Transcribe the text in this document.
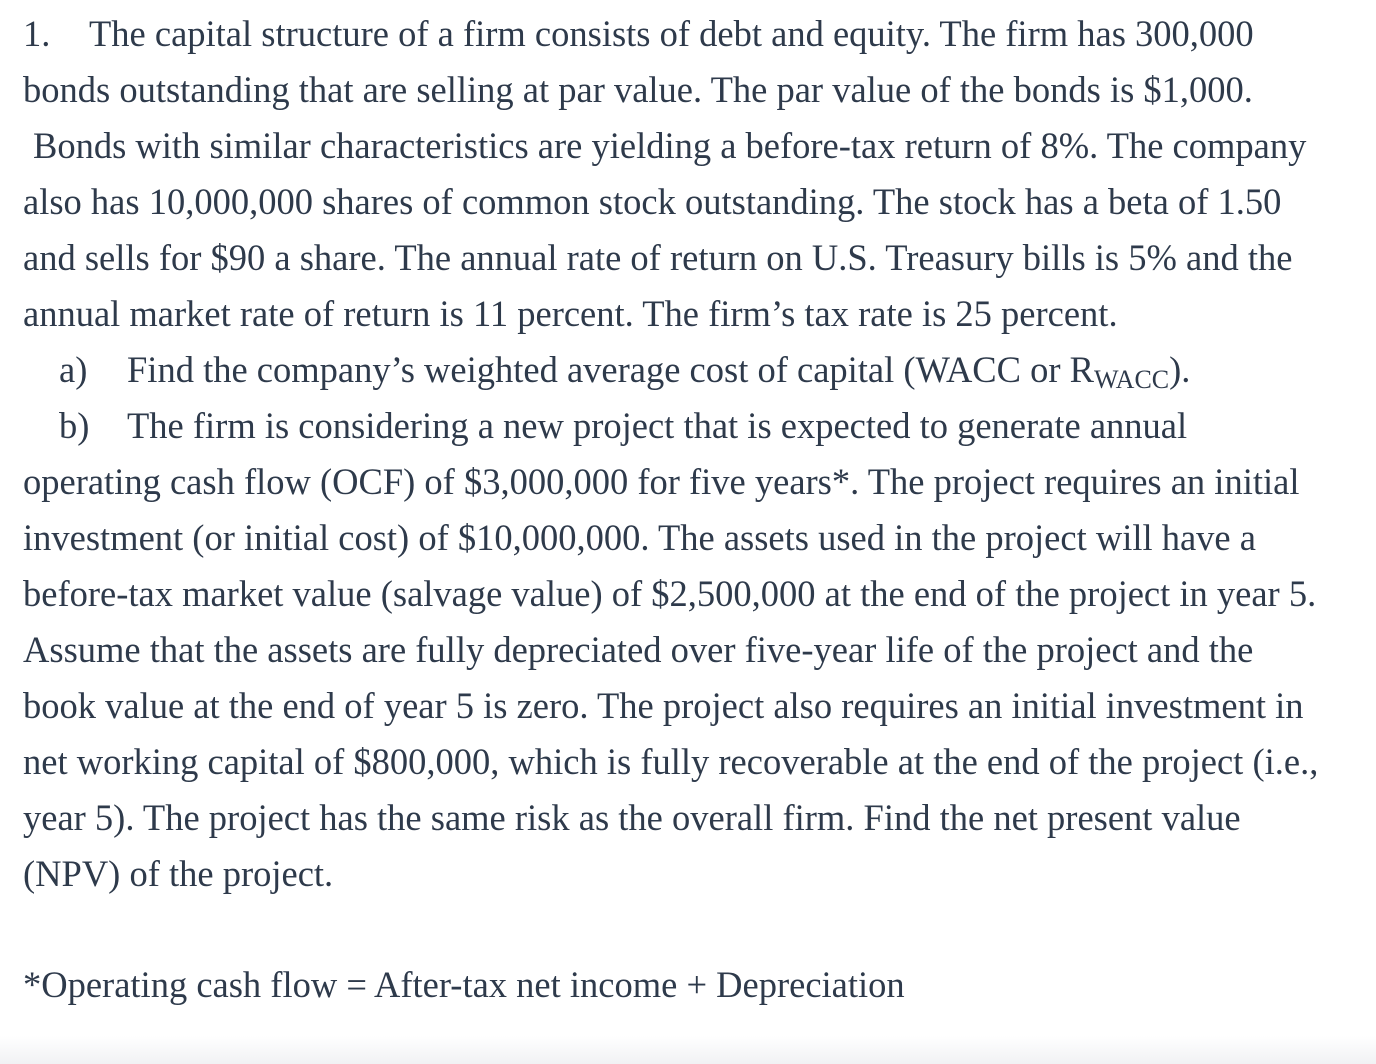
1. The capital structure of a firm consists of debt and equity. The firm has 300,000
bonds outstanding that are selling at par value. The par value of the bonds is $1,000.
Bonds with similar characteristics are yielding a before-tax return of 8%. The company
also has 10,000,000 shares of common stock outstanding. The stock has a beta of 1.50
and sells for $90 a share. The annual rate of return on U.S. Treasury bills is 5% and the
annual market rate of return is 11 percent. The firm’s tax rate is 25 percent.
a) Find the company’s weighted average cost of capital (WACC or RWACC).
b) The firm is considering a new project that is expected to generate annual
operating cash flow (OCF) of $3,000,000 for five years*. The project requires an initial
investment (or initial cost) of $10,000,000. The assets used in the project will have a
before-tax market value (salvage value) of $2,500,000 at the end of the project in year 5.
Assume that the assets are fully depreciated over five-year life of the project and the
book value at the end of year 5 is zero. The project also requires an initial investment in
net working capital of $800,000, which is fully recoverable at the end of the project (i.e.,
year 5). The project has the same risk as the overall firm. Find the net present value
(NPV) of the project.
*Operating cash flow = After-tax net income + Depreciation
